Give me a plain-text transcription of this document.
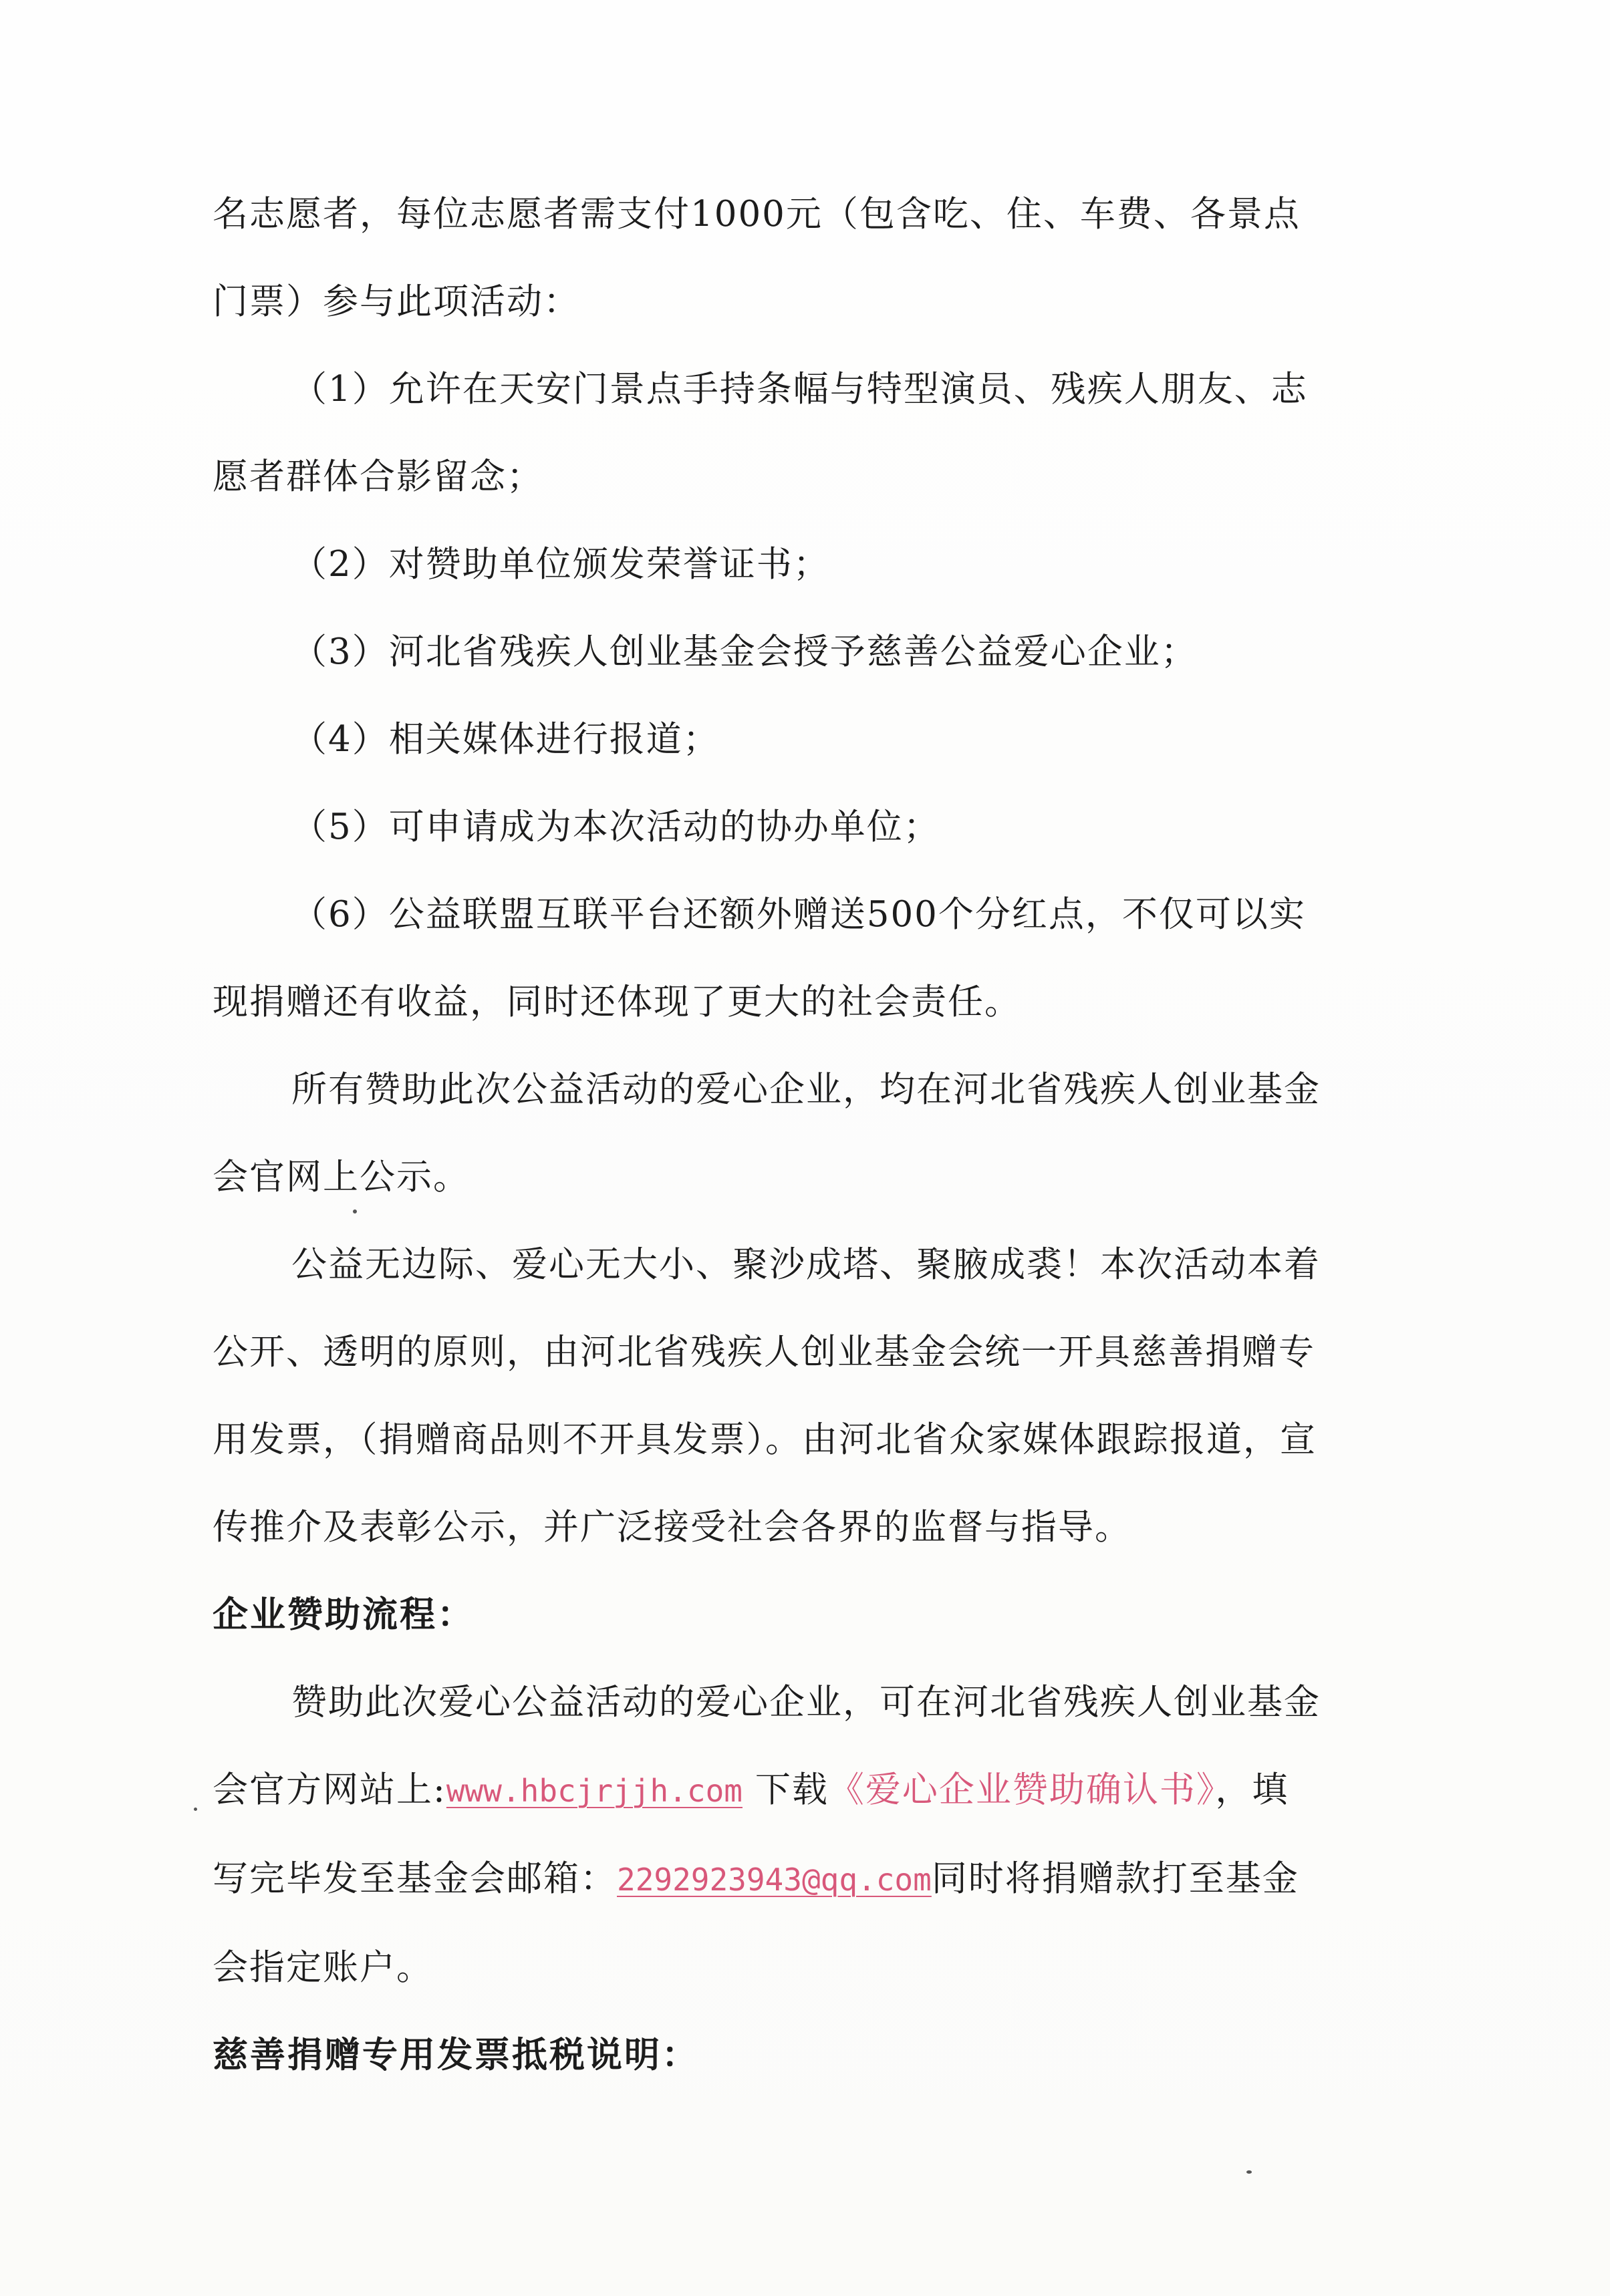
名志愿者，每位志愿者需支付1000元（包含吃、住、车费、各景点

门票）参与此项活动：

（1）允许在天安门景点手持条幅与特型演员、残疾人朋友、志

愿者群体合影留念；

（2）对赞助单位颁发荣誉证书；

（3）河北省残疾人创业基金会授予慈善公益爱心企业；

（4）相关媒体进行报道；

（5）可申请成为本次活动的协办单位；

（6）公益联盟互联平台还额外赠送500个分红点，不仅可以实

现捐赠还有收益，同时还体现了更大的社会责任。

所有赞助此次公益活动的爱心企业，均在河北省残疾人创业基金

会官网上公示。

公益无边际、爱心无大小、聚沙成塔、聚腋成裘！本次活动本着

公开、透明的原则，由河北省残疾人创业基金会统一开具慈善捐赠专

用发票，（捐赠商品则不开具发票）。由河北省众家媒体跟踪报道，宣

传推介及表彰公示，并广泛接受社会各界的监督与指导。

企业赞助流程：

赞助此次爱心公益活动的爱心企业，可在河北省残疾人创业基金

会官方网站上:www.hbcjrjjh.com 下载《爱心企业赞助确认书》，填

写完毕发至基金会邮箱：2292923943@qq.com同时将捐赠款打至基金

会指定账户。

慈善捐赠专用发票抵税说明：
